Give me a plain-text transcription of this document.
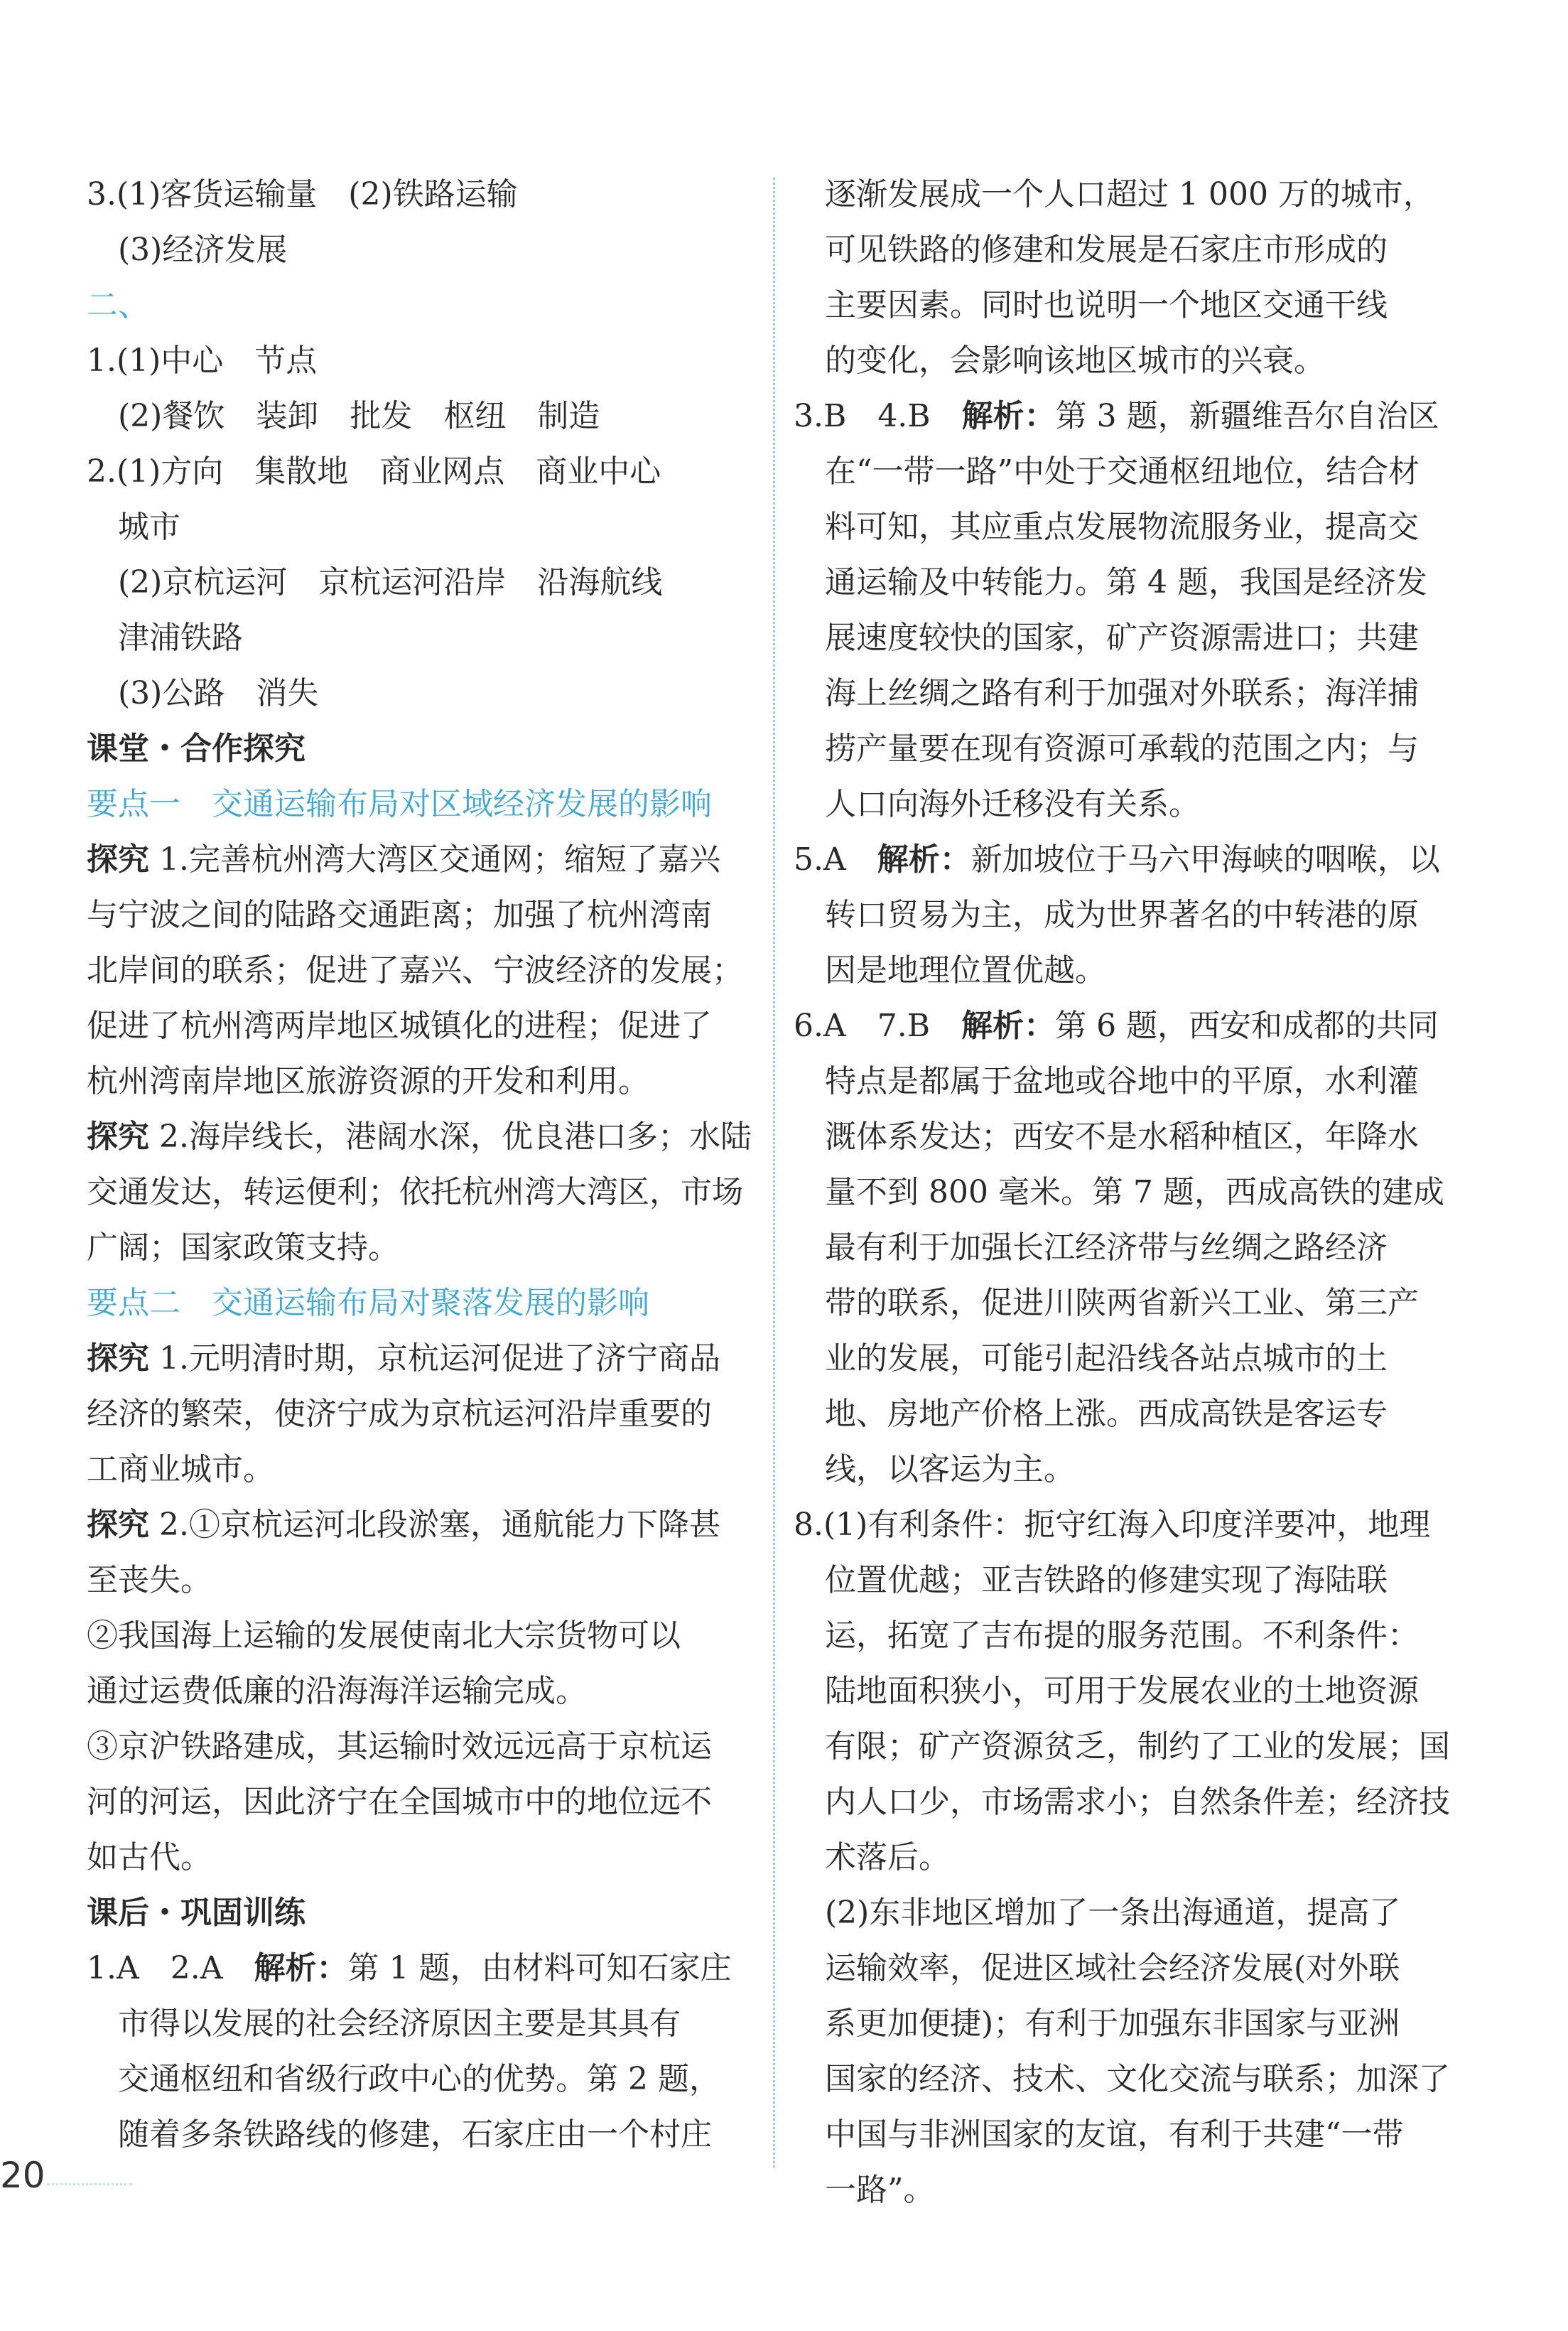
3.(1)客货运输量　(2)铁路运输
(3)经济发展
二、
1.(1)中心　节点
(2)餐饮　装卸　批发　枢纽　制造
2.(1)方向　集散地　商业网点　商业中心
城市
(2)京杭运河　京杭运河沿岸　沿海航线
津浦铁路
(3)公路　消失
课堂・合作探究
要点一　交通运输布局对区域经济发展的影响
探究 1.完善杭州湾大湾区交通网；缩短了嘉兴
与宁波之间的陆路交通距离；加强了杭州湾南
北岸间的联系；促进了嘉兴、宁波经济的发展；
促进了杭州湾两岸地区城镇化的进程；促进了
杭州湾南岸地区旅游资源的开发和利用。
探究 2.海岸线长，港阔水深，优良港口多；水陆
交通发达，转运便利；依托杭州湾大湾区，市场
广阔；国家政策支持。
要点二　交通运输布局对聚落发展的影响
探究 1.元明清时期，京杭运河促进了济宁商品
经济的繁荣，使济宁成为京杭运河沿岸重要的
工商业城市。
探究 2.①京杭运河北段淤塞，通航能力下降甚
至丧失。
②我国海上运输的发展使南北大宗货物可以
通过运费低廉的沿海海洋运输完成。
③京沪铁路建成，其运输时效远远高于京杭运
河的河运，因此济宁在全国城市中的地位远不
如古代。
课后・巩固训练
1.A　2.A　解析：第 1 题，由材料可知石家庄
市得以发展的社会经济原因主要是其具有
交通枢纽和省级行政中心的优势。第 2 题，
随着多条铁路线的修建，石家庄由一个村庄
逐渐发展成一个人口超过 1 000 万的城市，
可见铁路的修建和发展是石家庄市形成的
主要因素。同时也说明一个地区交通干线
的变化，会影响该地区城市的兴衰。
3.B　4.B　解析：第 3 题，新疆维吾尔自治区
在“一带一路”中处于交通枢纽地位，结合材
料可知，其应重点发展物流服务业，提高交
通运输及中转能力。第 4 题，我国是经济发
展速度较快的国家，矿产资源需进口；共建
海上丝绸之路有利于加强对外联系；海洋捕
捞产量要在现有资源可承载的范围之内；与
人口向海外迁移没有关系。
5.A　解析：新加坡位于马六甲海峡的咽喉，以
转口贸易为主，成为世界著名的中转港的原
因是地理位置优越。
6.A　7.B　解析：第 6 题，西安和成都的共同
特点是都属于盆地或谷地中的平原，水利灌
溉体系发达；西安不是水稻种植区，年降水
量不到 800 毫米。第 7 题，西成高铁的建成
最有利于加强长江经济带与丝绸之路经济
带的联系，促进川陕两省新兴工业、第三产
业的发展，可能引起沿线各站点城市的土
地、房地产价格上涨。西成高铁是客运专
线，以客运为主。
8.(1)有利条件：扼守红海入印度洋要冲，地理
位置优越；亚吉铁路的修建实现了海陆联
运，拓宽了吉布提的服务范围。不利条件：
陆地面积狭小，可用于发展农业的土地资源
有限；矿产资源贫乏，制约了工业的发展；国
内人口少，市场需求小；自然条件差；经济技
术落后。
(2)东非地区增加了一条出海通道，提高了
运输效率，促进区域社会经济发展(对外联
系更加便捷)；有利于加强东非国家与亚洲
国家的经济、技术、文化交流与联系；加深了
中国与非洲国家的友谊，有利于共建“一带
一路”。
20
